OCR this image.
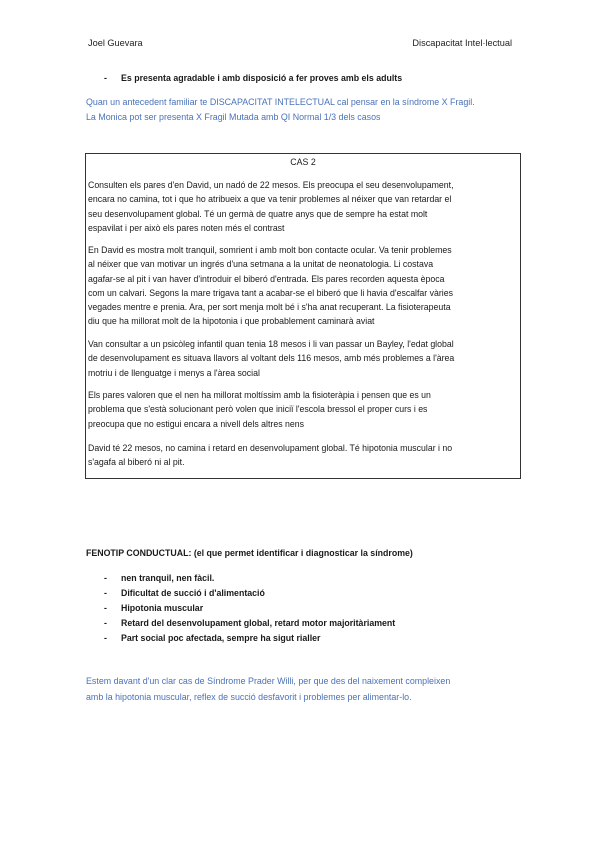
Joel Guevara	Discapacitat Intel·lectual
- Es presenta agradable i amb disposició a fer proves amb els adults
Quan un antecedent familiar te DISCAPACITAT INTELECTUAL cal pensar en la síndrome X Fragil.
La Monica pot ser presenta X Fragil Mutada amb QI Normal 1/3 dels casos
CAS 2
Consulten els pares d'en David, un nadó de 22 mesos. Els preocupa el seu desenvolupament,
encara no camina, tot i que ho atribueix a que va tenir problemes al néixer que van retardar el
seu desenvolupament global. Té un germà de quatre anys que de sempre ha estat molt
espavilat i per això els pares noten més el contrast
En David es mostra molt tranquil, somrient i amb molt bon contacte ocular. Va tenir problemes
al néixer que van motivar un ingrés d'una setmana a la unitat de neonatologia. Li costava
agafar-se al pit i van haver d'introduir el biberó d'entrada. Els pares recorden aquesta època
com un calvari. Segons la mare trigava tant a acabar-se el biberó que li havia d'escalfar vàries
vegades mentre e prenia. Ara, per sort menja molt bé i s'ha anat recuperant. La fisioterapeuta
diu que ha millorat molt de la hipotonia i que probablement caminarà aviat
Van consultar a un psicòleg infantil quan tenia 18 mesos i li van passar un Bayley, l'edat global
de desenvolupament es situava llavors al voltant dels 116 mesos, amb més problemes a l'àrea
motriu i de llenguatge i menys a l'àrea social
Els pares valoren que el nen ha millorat moltíssim amb la fisioteràpia i pensen que es un
problema que s'està solucionant però volen que iniciï l'escola bressol el proper curs i es
preocupa que no estigui encara a nivell dels altres nens
David té 22 mesos, no camina i retard en desenvolupament global. Té hipotonia muscular i no
s'agafa al biberó ni al pit.
FENOTIP CONDUCTUAL: (el que permet identificar i diagnosticar la síndrome)
- nen tranquil, nen fàcil.
- Dificultat de succió i d'alimentació
- Hipotonia muscular
- Retard del desenvolupament global, retard motor majoritàriament
- Part social poc afectada, sempre ha sigut rialler
Estem davant d'un clar cas de Síndrome Prader Willi, per que des del naixement compleixen
amb la hipotonia muscular, reflex de succió desfavorit i problemes per alimentar-lo.
